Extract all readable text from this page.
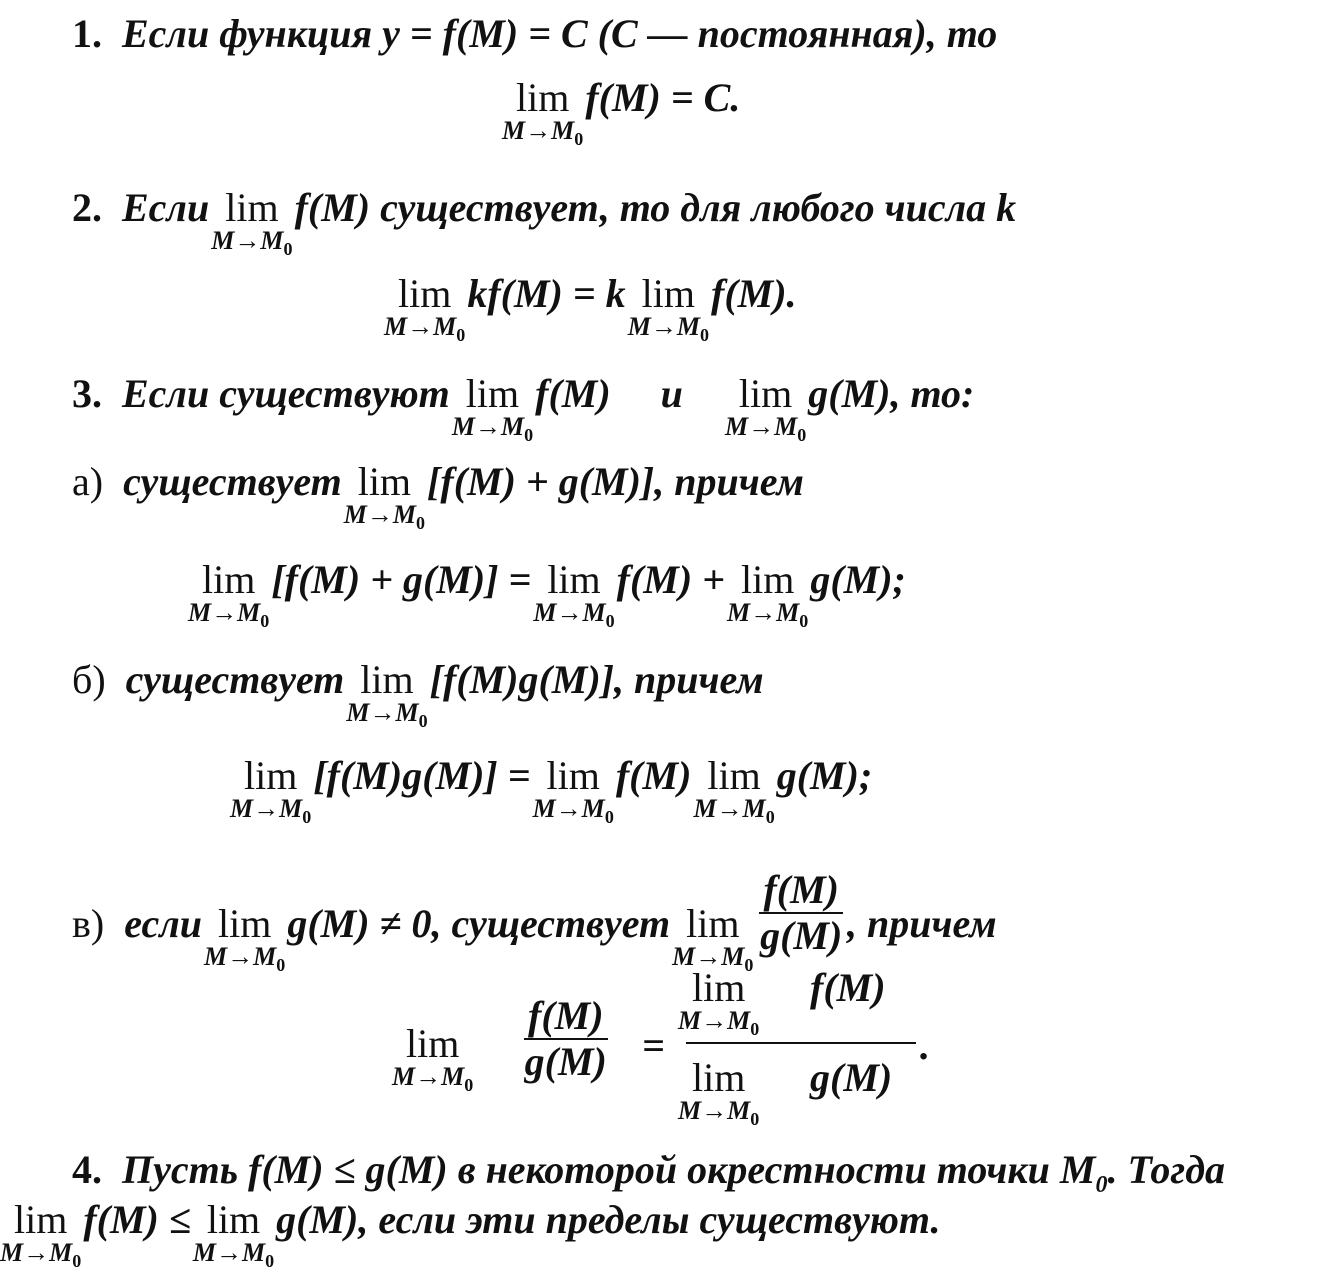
1. Если функция y = f(M) = C (C — постоянная), то
lim
$M\to M_0$
f(M) = C.
2. Если lim
$M\to M_0$
f(M) существует, то для любого числа k
lim
$M\to M_0$
kf(M) = k lim
$M\to M_0$
f(M).
3. Если существуют lim
$M\to M_0$
f(M) и lim
$M\to M_0$
g(M), то:
а) существует lim
$M\to M_0$
[f(M) + g(M)], причем
lim
$M\to M_0$
[f(M) + g(M)] = lim
$M\to M_0$
f(M) + lim
$M\to M_0$
g(M);
б) существует lim
$M\to M_0$
[f(M)g(M)], причем
lim
$M\to M_0$
[f(M)g(M)] = lim
$M\to M_0$
f(M) lim
$M\to M_0$
g(M);
в) если lim
$M\to M_0$
g(M) ≠ 0, существует lim
$M\to M_0$

$\frac{f(M)}{g(M)}$ , причем
lim
$M\to M_0$
$\frac{f(M)}{g(M)} = \lim$
$M\to M_0$
f(M)
lim
$M\to M_0$
g(M) .
4. Пусть f(M) ≤ g(M) в некоторой окрестности точки $M_0$. Тогда
lim
$M\to M_0$
f(M) ≤ lim
$M\to M_0$
g(M), если эти пределы существуют.
